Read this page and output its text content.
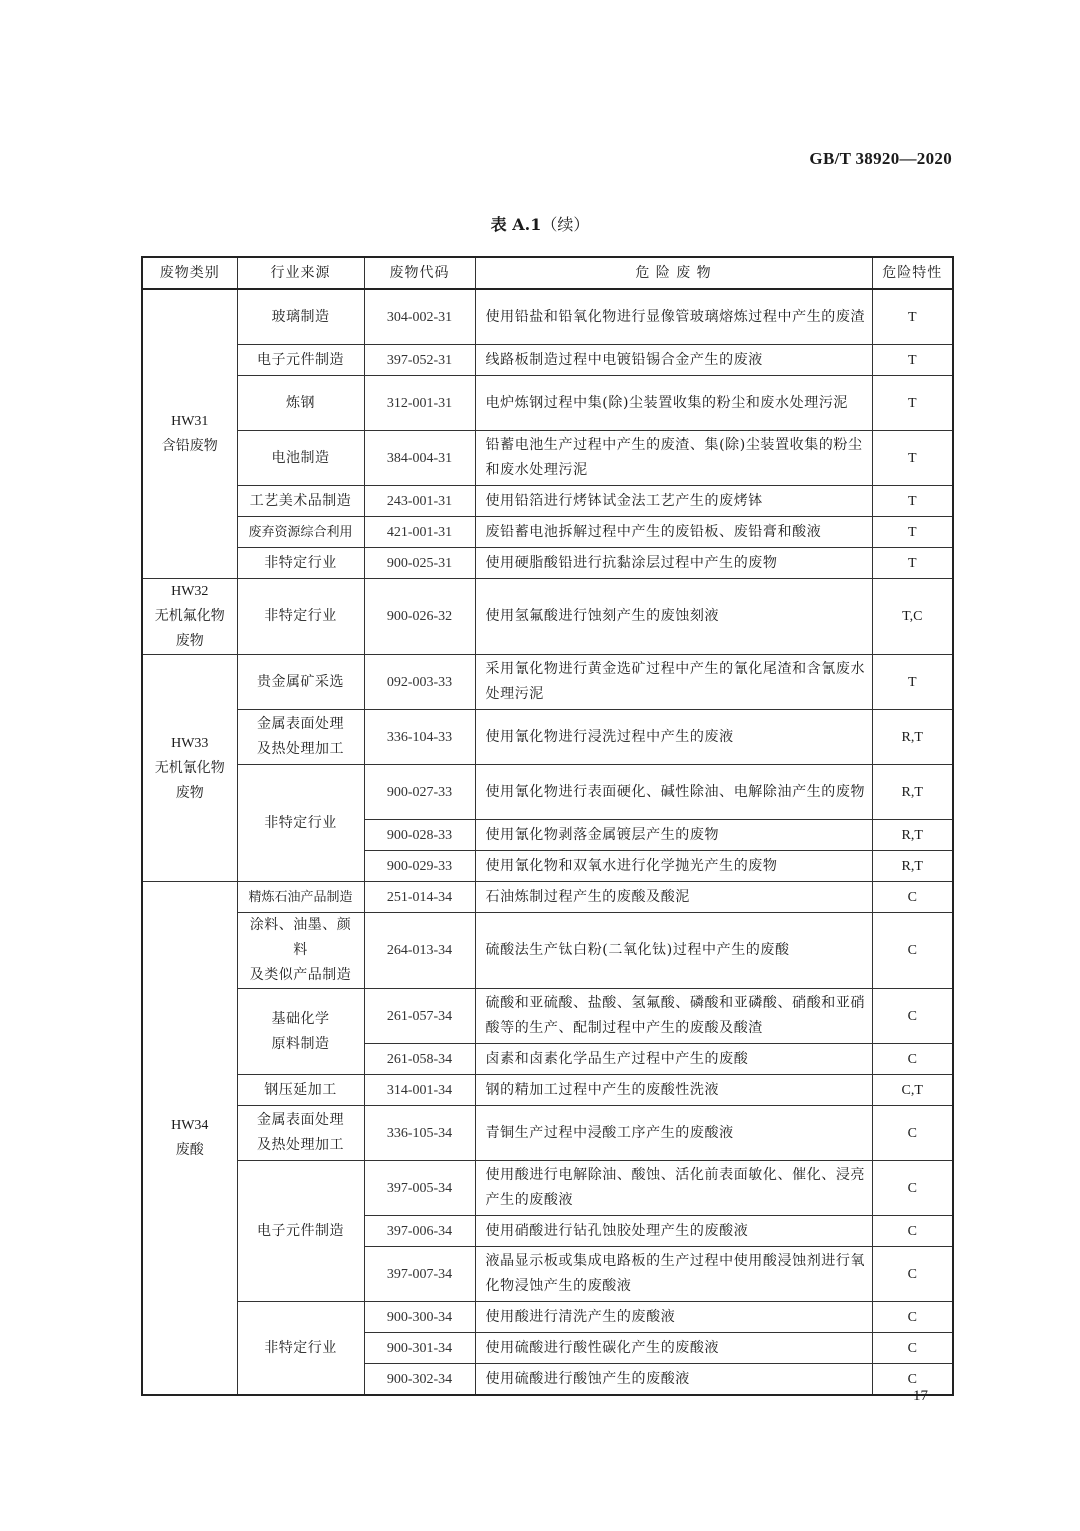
GB/T 38920—2020
表 A.1（续）
废物类别	行业来源	废物代码	危 险 废 物	危险特性

HW31
含铅废物	玻璃制造	304-002-31	使用铅盐和铅氧化物进行显像管玻璃熔炼过程中产生的废渣	T
	电子元件制造	397-052-31	线路板制造过程中电镀铅锡合金产生的废液	T
	炼钢	312-001-31	电炉炼钢过程中集(除)尘装置收集的粉尘和废水处理污泥	T
	电池制造	384-004-31	铅蓄电池生产过程中产生的废渣、集(除)尘装置收集的粉尘和废水处理污泥	T
	工艺美术品制造	243-001-31	使用铅箔进行烤钵试金法工艺产生的废烤钵	T
	废弃资源综合利用	421-001-31	废铅蓄电池拆解过程中产生的废铅板、废铅膏和酸液	T
	非特定行业	900-025-31	使用硬脂酸铅进行抗黏涂层过程中产生的废物	T

HW32
无机氟化物
废物	非特定行业	900-026-32	使用氢氟酸进行蚀刻产生的废蚀刻液	T,C

HW33
无机氰化物
废物	贵金属矿采选	092-003-33	采用氰化物进行黄金选矿过程中产生的氰化尾渣和含氰废水处理污泥	T

	金属表面处理
及热处理加工	336-104-33	使用氰化物进行浸洗过程中产生的废液	R,T
	非特定行业	900-027-33	使用氰化物进行表面硬化、碱性除油、电解除油产生的废物	R,T
		900-028-33	使用氰化物剥落金属镀层产生的废物	R,T
		900-029-33	使用氰化物和双氧水进行化学抛光产生的废物	R,T

HW34
废酸	精炼石油产品制造	251-014-34	石油炼制过程产生的废酸及酸泥	C

	涂料、油墨、颜料
及类似产品制造	264-013-34	硫酸法生产钛白粉(二氧化钛)过程中产生的废酸	C

	基础化学
原料制造	261-057-34	硫酸和亚硫酸、盐酸、氢氟酸、磷酸和亚磷酸、硝酸和亚硝酸等的生产、配制过程中产生的废酸及酸渣	C
		261-058-34	卤素和卤素化学品生产过程中产生的废酸	C
	钢压延加工	314-001-34	钢的精加工过程中产生的废酸性洗液	C,T

	金属表面处理
及热处理加工	336-105-34	青铜生产过程中浸酸工序产生的废酸液	C
	电子元件制造	397-005-34	使用酸进行电解除油、酸蚀、活化前表面敏化、催化、浸亮产生的废酸液	C
		397-006-34	使用硝酸进行钻孔蚀胶处理产生的废酸液	C
		397-007-34	液晶显示板或集成电路板的生产过程中使用酸浸蚀剂进行氧化物浸蚀产生的废酸液	C
	非特定行业	900-300-34	使用酸进行清洗产生的废酸液	C
		900-301-34	使用硫酸进行酸性碳化产生的废酸液	C
		900-302-34	使用硫酸进行酸蚀产生的废酸液	C
17
